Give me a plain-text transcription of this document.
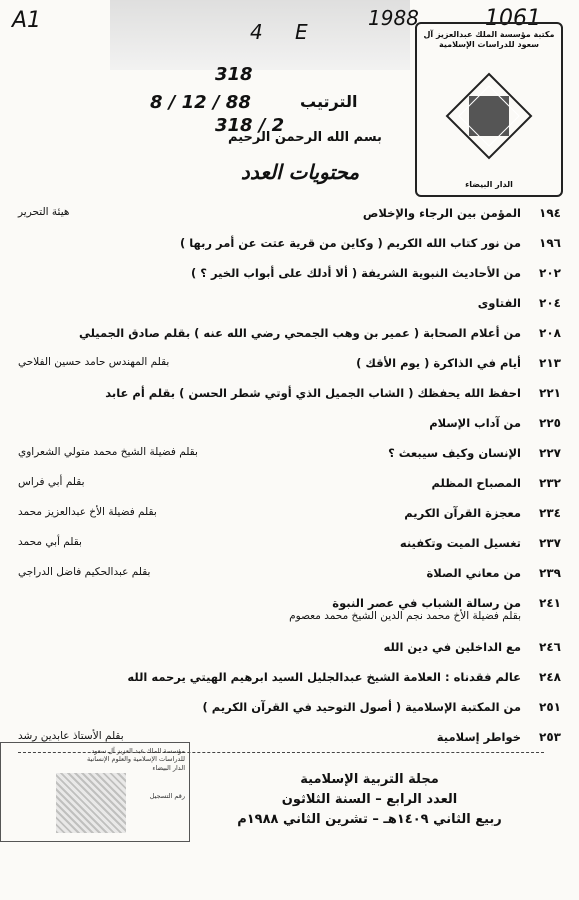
A1	1061
4 E
1988
318
8 / 12 / 88
318 / 2
الترتيب
بسم الله الرحمن الرحيم
محتويات العدد
مكتبة مؤسسة الملك عبدالعزيز آل سعود للدراسات الإسلامية
الدار البيضاء
١٩٤
المؤمن بين الرجاء والإخلاص
هيئة التحرير
١٩٦
من نور كتاب الله الكريم ( وكاين من قرية عتت عن أمر ربها )
٢٠٢
من الأحاديث النبوية الشريفة ( ألا أدلك على أبواب الخير ؟ )
٢٠٤
الفتاوى
٢٠٨
من أعلام الصحابة ( عمير بن وهب الجمحي رضي الله عنه ) بقلم صادق الجميلي
٢١٣
أيام في الذاكرة ( يوم الأقك )
بقلم المهندس حامد حسين الفلاحي
٢٢١
احفظ الله يحفظك ( الشاب الجميل الذي أوتي شطر الحسن ) بقلم أم عابد
٢٢٥
من آداب الإسلام
٢٢٧
الإنسان وكيف سيبعث ؟
بقلم فضيلة الشيخ محمد متولي الشعراوي
٢٣٢
المصباح المظلم
بقلم أبي فراس
٢٣٤
معجزة القرآن الكريم
بقلم فضيلة الأخ عبدالعزيز محمد
٢٣٧
تغسيل الميت وتكفينه
بقلم أبي محمد
٢٣٩
من معاني الصلاة
بقلم عبدالحكيم فاضل الدراجي
٢٤١
من رسالة الشباب في عصر النبوة
بقلم فضيلة الأخ محمد نجم الدين الشيخ محمد معصوم
٢٤٦
مع الداخلين في دين الله
٢٤٨
عالم فقدناه : العلامة الشيخ عبدالجليل السيد ابرهيم الهيتي يرحمه الله
٢٥١
من المكتبة الإسلامية ( أصول التوحيد في القرآن الكريم )
٢٥٣
خواطر إسلامية
بقلم الأستاذ عابدين رشد
مؤسسة الملك عبد العزيز آل سعود
للدراسات الإسلامية والعلوم الإنسانية
الدار البيضاء
رقم التسجيل
مجلة التربية الإسلامية
العدد الرابع – السنة الثلاثون
ربيع الثاني ١٤٠٩هـ – تشرين الثاني ١٩٨٨م
